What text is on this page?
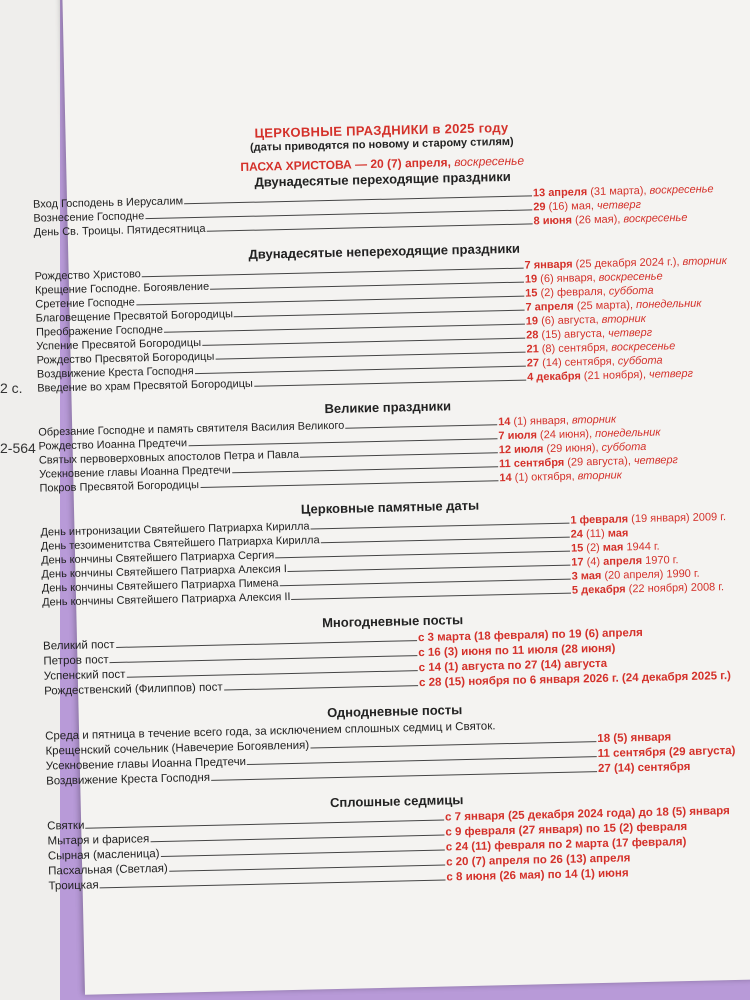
2 с.
2-564
ЦЕРКОВНЫЕ ПРАЗДНИКИ в 2025 году
(даты приводятся по новому и старому стилям)
ПАСХА ХРИСТОВА — 20 (7) апреля, воскресенье
Двунадесятые переходящие праздники
Вход Господень в Иерусалим
13 апреля (31 марта), воскресенье
Вознесение Господне
29 (16) мая, четверг
День Св. Троицы. Пятидесятница
8 июня (26 мая), воскресенье
Двунадесятые непереходящие праздники
Рождество Христово
7 января (25 декабря 2024 г.), вторник
Крещение Господне. Богоявление
19 (6) января, воскресенье
Сретение Господне
15 (2) февраля, суббота
Благовещение Пресвятой Богородицы
7 апреля (25 марта), понедельник
Преображение Господне
19 (6) августа, вторник
Успение Пресвятой Богородицы
28 (15) августа, четверг
Рождество Пресвятой Богородицы
21 (8) сентября, воскресенье
Воздвижение Креста Господня
27 (14) сентября, суббота
Введение во храм Пресвятой Богородицы
4 декабря (21 ноября), четверг
Великие праздники
Обрезание Господне и память святителя Василия Великого	14 (1) января, вторник
Рождество Иоанна Предтечи
7 июля (24 июня), понедельник
Святых первоверховных апостолов Петра и Павла	12 июля (29 июня), суббота
Усекновение главы Иоанна Предтечи
11 сентября (29 августа), четверг
Покров Пресвятой Богородицы
14 (1) октября, вторник
Церковные памятные даты
День интронизации Святейшего Патриарха Кирилла
1 февраля (19 января) 2009 г.
День тезоименитства Святейшего Патриарха Кирилла	24 (11) мая
День кончины Святейшего Патриарха Сергия
15 (2) мая 1944 г.
День кончины Святейшего Патриарха Алексия I
17 (4) апреля 1970 г.
День кончины Святейшего Патриарха Пимена
3 мая (20 апреля) 1990 г.
День кончины Святейшего Патриарха Алексия II
5 декабря (22 ноября) 2008 г.
Многодневные посты
Великий пост
с 3 марта (18 февраля) по 19 (6) апреля
Петров пост
с 16 (3) июня по 11 июля (28 июня)
Успенский пост
с 14 (1) августа по 27 (14) августа
Рождественский (Филиппов) пост
с 28 (15) ноября по 6 января 2026 г. (24 декабря 2025 г.)
Однодневные посты
Среда и пятница в течение всего года, за исключением сплошных седмиц и Святок.
Крещенский сочельник (Навечерие Богоявления)
18 (5) января
Усекновение главы Иоанна Предтечи
11 сентября (29 августа)
Воздвижение Креста Господня
27 (14) сентября
Сплошные седмицы
Святки
с 7 января (25 декабря 2024 года) до 18 (5) января
Мытаря и фарисея
с 9 февраля (27 января) по 15 (2) февраля
Сырная (масленица)
с 24 (11) февраля по 2 марта (17 февраля)
Пасхальная (Светлая)
с 20 (7) апреля по 26 (13) апреля
Троицкая
с 8 июня (26 мая) по 14 (1) июня
